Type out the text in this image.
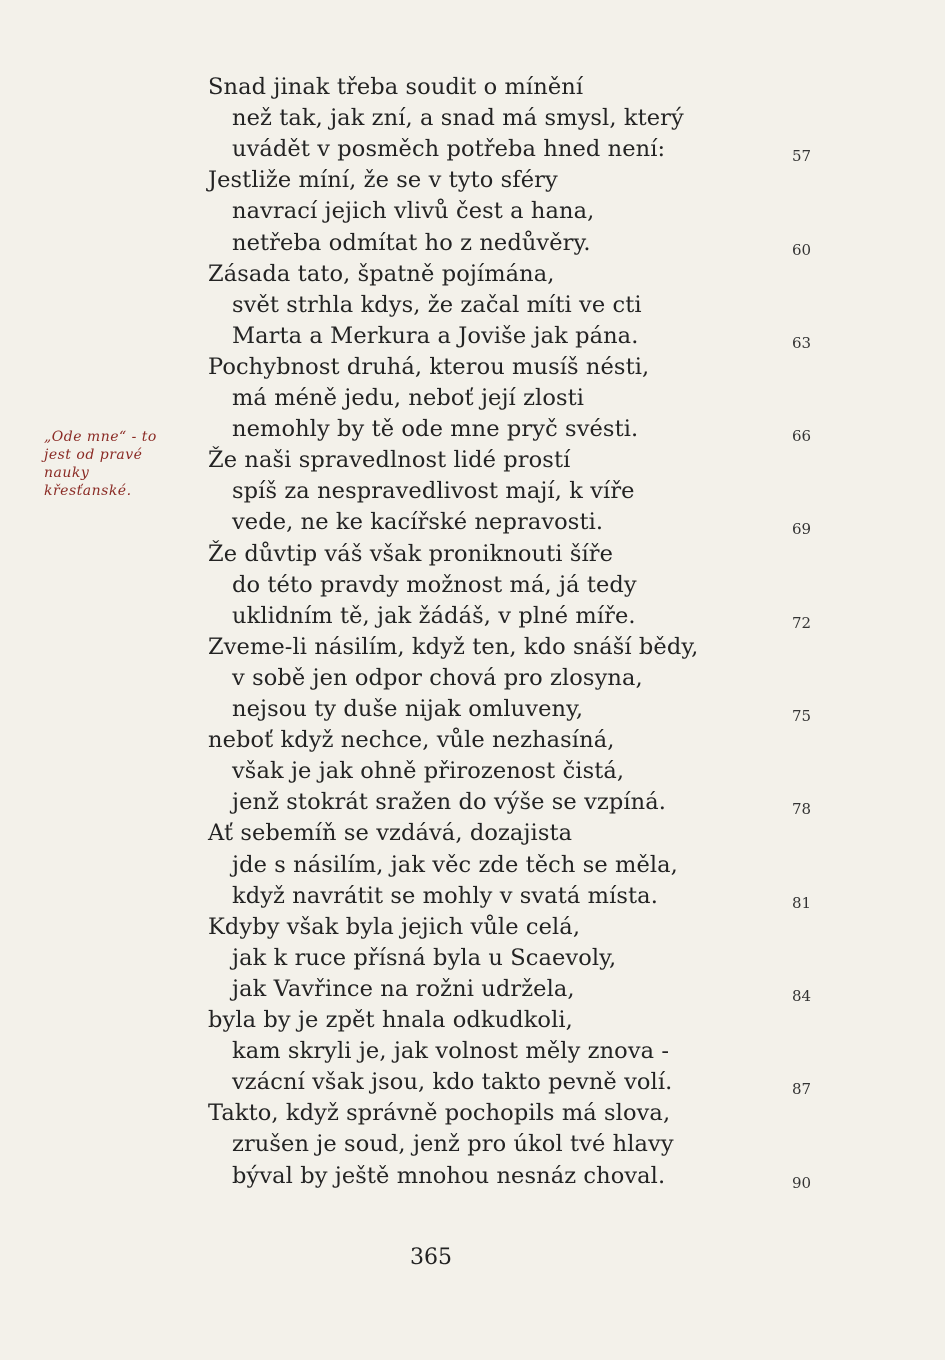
Snad jinak třeba soudit o mínění
než tak, jak zní, a snad má smysl, který
uvádět v posměch potřeba hned není:
Jestliže míní, že se v tyto sféry
navrací jejich vlivů čest a hana,
netřeba odmítat ho z nedůvěry.
Zásada tato, špatně pojímána,
svět strhla kdys, že začal míti ve cti
Marta a Merkura a Joviše jak pána.
Pochybnost druhá, kterou musíš nésti,
má méně jedu, neboť její zlosti
nemohly by tě ode mne pryč svésti.
Že naši spravedlnost lidé prostí
spíš za nespravedlivost mají, k víře
vede, ne ke kacířské nepravosti.
Že důvtip váš však proniknouti šíře
do této pravdy možnost má, já tedy
uklidním tě, jak žádáš, v plné míře.
Zveme-li násilím, když ten, kdo snáší bědy,
v sobě jen odpor chová pro zlosyna,
nejsou ty duše nijak omluveny,
neboť když nechce, vůle nezhasíná,
však je jak ohně přirozenost čistá,
jenž stokrát sražen do výše se vzpíná.
Ať sebemíň se vzdává, dozajista
jde s násilím, jak věc zde těch se měla,
když navrátit se mohly v svatá místa.
Kdyby však byla jejich vůle celá,
jak k ruce přísná byla u Scaevoly,
jak Vavřince na rožni udržela,
byla by je zpět hnala odkudkoli,
kam skryli je, jak volnost měly znova -
vzácní však jsou, kdo takto pevně volí.
Takto, když správně pochopils má slova,
zrušen je soud, jenž pro úkol tvé hlavy
býval by ještě mnohou nesnáz choval.
57
60
63
66
69
72
75
78
81
84
87
90
„Ode mne“ - to
jest od pravé
nauky
křesťanské.
365
